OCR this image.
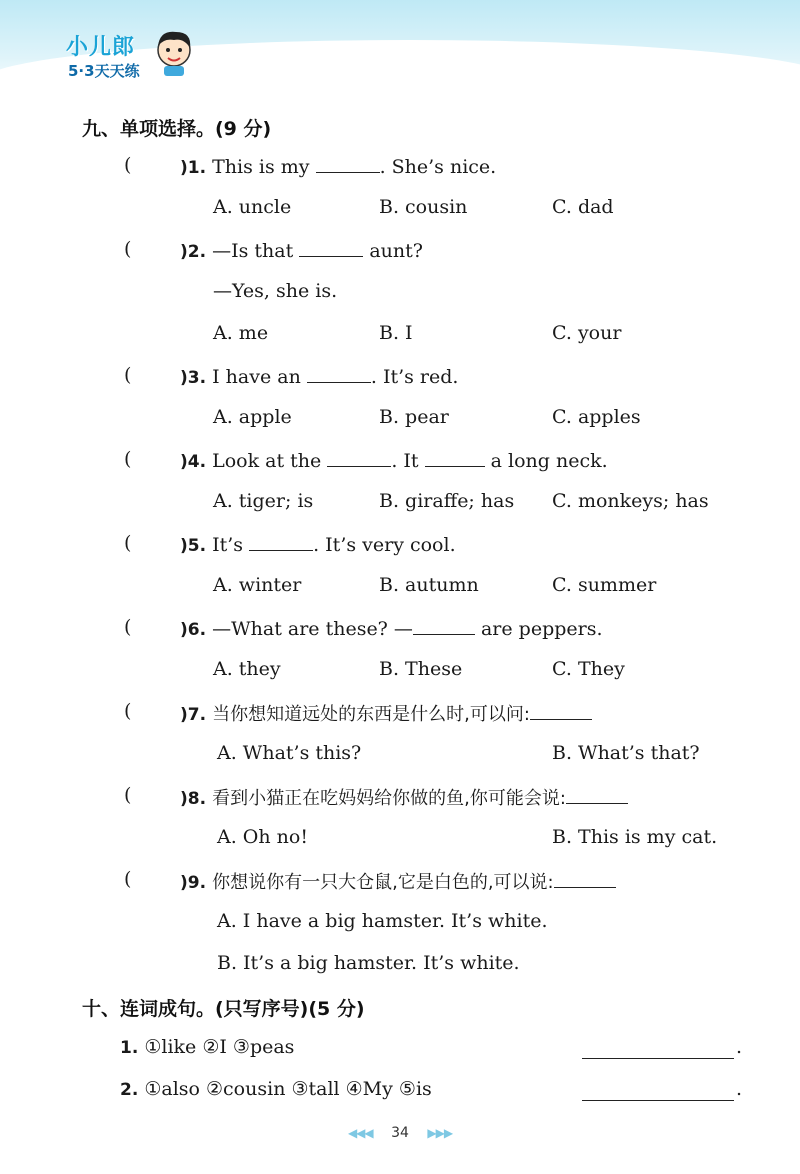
小儿郎
5·3天天练
九、单项选择。(9 分)
(	)1. This is my	. She’s nice.
A. uncle	B. cousin	C. dad
(	)2. —Is that	aunt?
—Yes, she is.
A. me	B. I	C. your
(	)3. I have an	. It’s red.
A. apple	B. pear	C. apples
(	)4. Look at the	. It	a long neck.
A. tiger; is	B. giraffe; has C. monkeys; has
(	)5. It’s	. It’s very cool.
A. winter	B. autumn	C. summer
(	)6. —What are these? —	are peppers.
A. they	B. These	C. They
(	)7. 当你想知道远处的东西是什么时,可以问:
A. What’s this?	B. What’s that?
(	)8. 看到小猫正在吃妈妈给你做的鱼,你可能会说:
A. Oh no!	B. This is my cat.
(	)9. 你想说你有一只大仓鼠,它是白色的,可以说:
A. I have a big hamster. It’s white.
B. It’s a big hamster. It’s white.
十、连词成句。(只写序号)(5 分)
1. ①like ②I ③peas	.
2. ①also ②cousin ③tall ④My ⑤is	.
◀◀◀ 34 ▶▶▶
